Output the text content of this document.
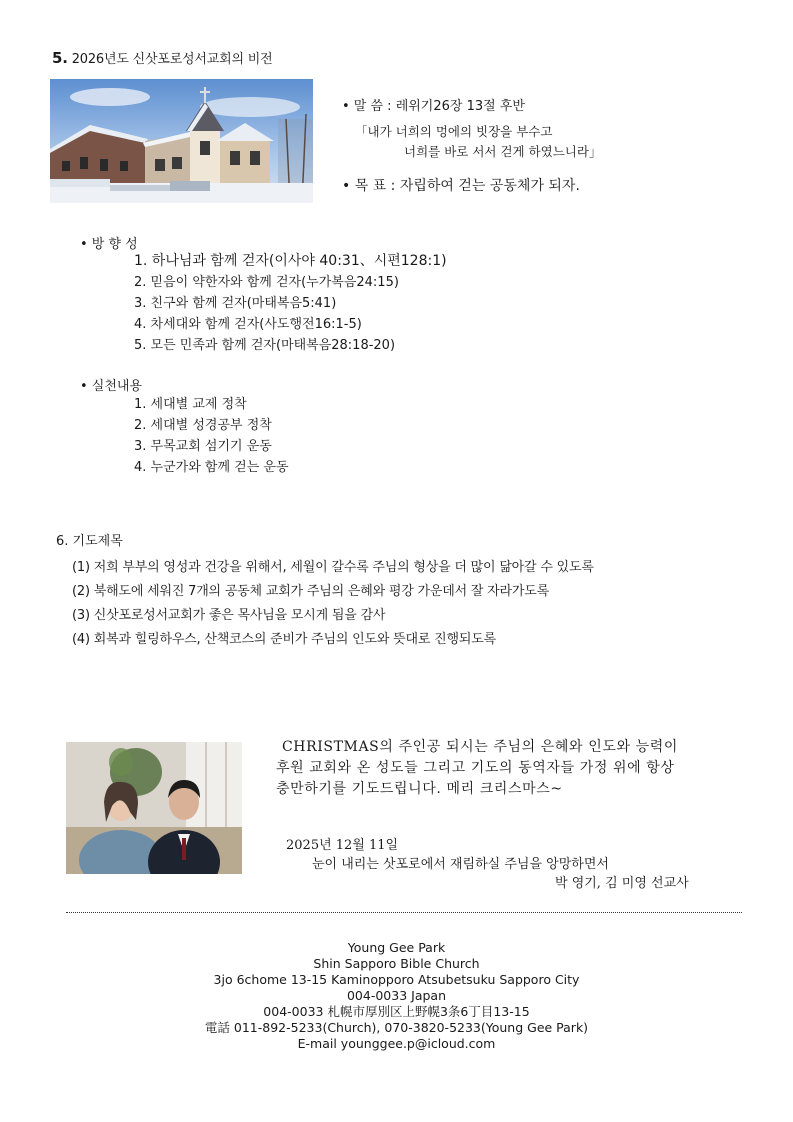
5. 2026년도 신삿포로성서교회의 비전
• 말 씀 : 레위기26장 13절 후반
「내가 너희의 멍에의 빗장을 부수고
너희를 바로 서서 걷게 하였느니라」
• 목 표 : 자립하여 걷는 공동체가 되자.
• 방 향 성
1. 하나님과 함께 걷자(이사야 40:31、시편128:1)
2. 믿음이 약한자와 함께 걷자(누가복음24:15)
3. 친구와 함께 걷자(마태복음5:41)
4. 차세대와 함께 걷자(사도행전16:1-5)
5. 모든 민족과 함께 걷자(마태복음28:18-20)
• 실천내용
1. 세대별 교제 정착
2. 세대별 성경공부 정착
3. 무목교회 섬기기 운동
4. 누군가와 함께 걷는 운동
6. 기도제목
(1) 저희 부부의 영성과 건강을 위해서, 세월이 갈수록 주님의 형상을 더 많이 닮아갈 수 있도록
(2) 북해도에 세워진 7개의 공동체 교회가 주님의 은혜와 평강 가운데서 잘 자라가도록
(3) 신삿포로성서교회가 좋은 목사님을 모시게 됨을 감사
(4) 회복과 힐링하우스, 산책코스의 준비가 주님의 인도와 뜻대로 진행되도록
CHRISTMAS의 주인공 되시는 주님의 은혜와 인도와 능력이
후원 교회와 온 성도들 그리고 기도의 동역자들 가정 위에 항상
충만하기를 기도드립니다. 메리 크리스마스~
2025년 12월 11일
눈이 내리는 삿포로에서 재림하실 주님을 앙망하면서
박 영기, 김 미영 선교사
Young Gee Park
Shin Sapporo Bible Church
3jo 6chome 13-15 Kaminopporo Atsubetsuku Sapporo City
004-0033 Japan
004-0033 札幌市厚別区上野幌3条6丁目13-15
電話 011-892-5233(Church), 070-3820-5233(Young Gee Park)
E-mail younggee.p@icloud.com
